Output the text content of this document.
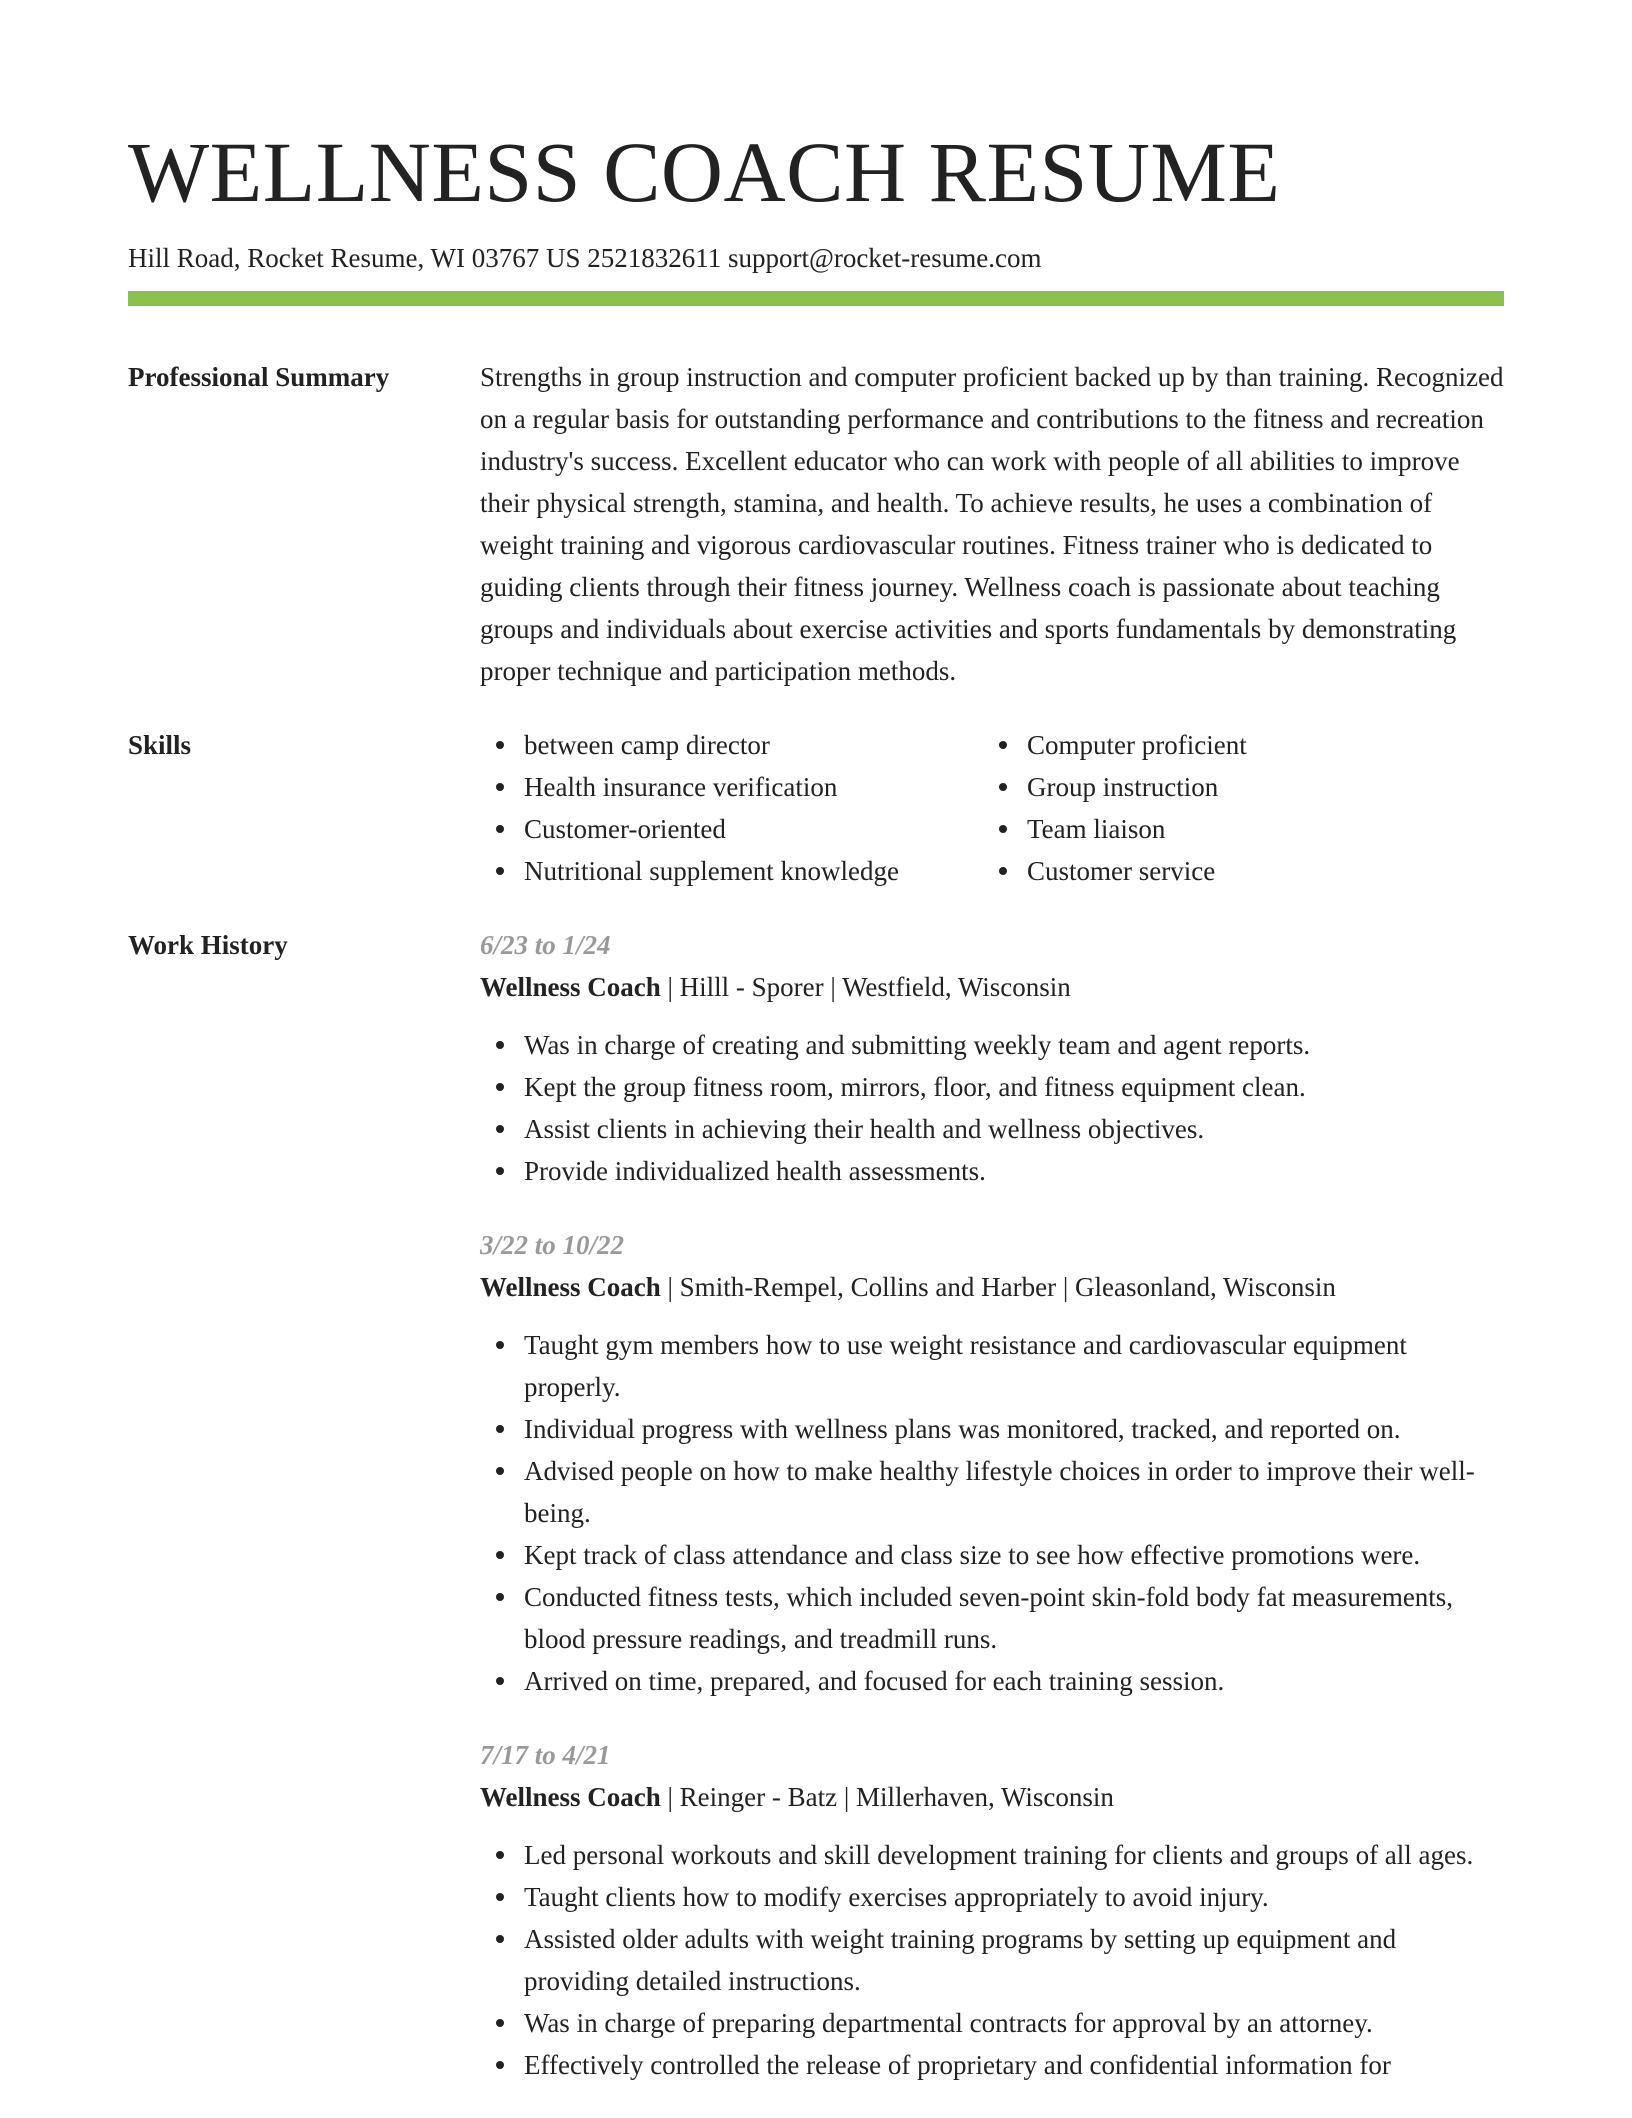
WELLNESS COACH RESUME
Hill Road, Rocket Resume, WI 03767 US 2521832611 support@rocket-resume.com
Professional Summary	Strengths in group instruction and computer proficient backed up by than training. Recognized on a regular basis for outstanding performance and contributions to the fitness and recreation industry's success. Excellent educator who can work with people of all abilities to improve their physical strength, stamina, and health. To achieve results, he uses a combination of weight training and vigorous cardiovascular routines. Fitness trainer who is dedicated to guiding clients through their fitness journey. Wellness coach is passionate about teaching groups and individuals about exercise activities and sports fundamentals by demonstrating proper technique and participation methods.

Skills	between camp director
Health insurance verification
Customer-oriented
Nutritional supplement knowledge
Computer proficient
Group instruction
Team liaison
Customer service
Work History	6/23 to 1/24
Wellness Coach | Hilll - Sporer | Westfield, Wisconsin
Was in charge of creating and submitting weekly team and agent reports.
Kept the group fitness room, mirrors, floor, and fitness equipment clean.
Assist clients in achieving their health and wellness objectives.
Provide individualized health assessments.
3/22 to 10/22
Wellness Coach | Smith-Rempel, Collins and Harber | Gleasonland, Wisconsin
Taught gym members how to use weight resistance and cardiovascular equipment properly.
Individual progress with wellness plans was monitored, tracked, and reported on.
Advised people on how to make healthy lifestyle choices in order to improve their well-being.
Kept track of class attendance and class size to see how effective promotions were.
Conducted fitness tests, which included seven-point skin-fold body fat measurements, blood pressure readings, and treadmill runs.
Arrived on time, prepared, and focused for each training session.
7/17 to 4/21
Wellness Coach | Reinger - Batz | Millerhaven, Wisconsin
Led personal workouts and skill development training for clients and groups of all ages.
Taught clients how to modify exercises appropriately to avoid injury.
Assisted older adults with weight training programs by setting up equipment and providing detailed instructions.
Was in charge of preparing departmental contracts for approval by an attorney.
Effectively controlled the release of proprietary and confidential information for
